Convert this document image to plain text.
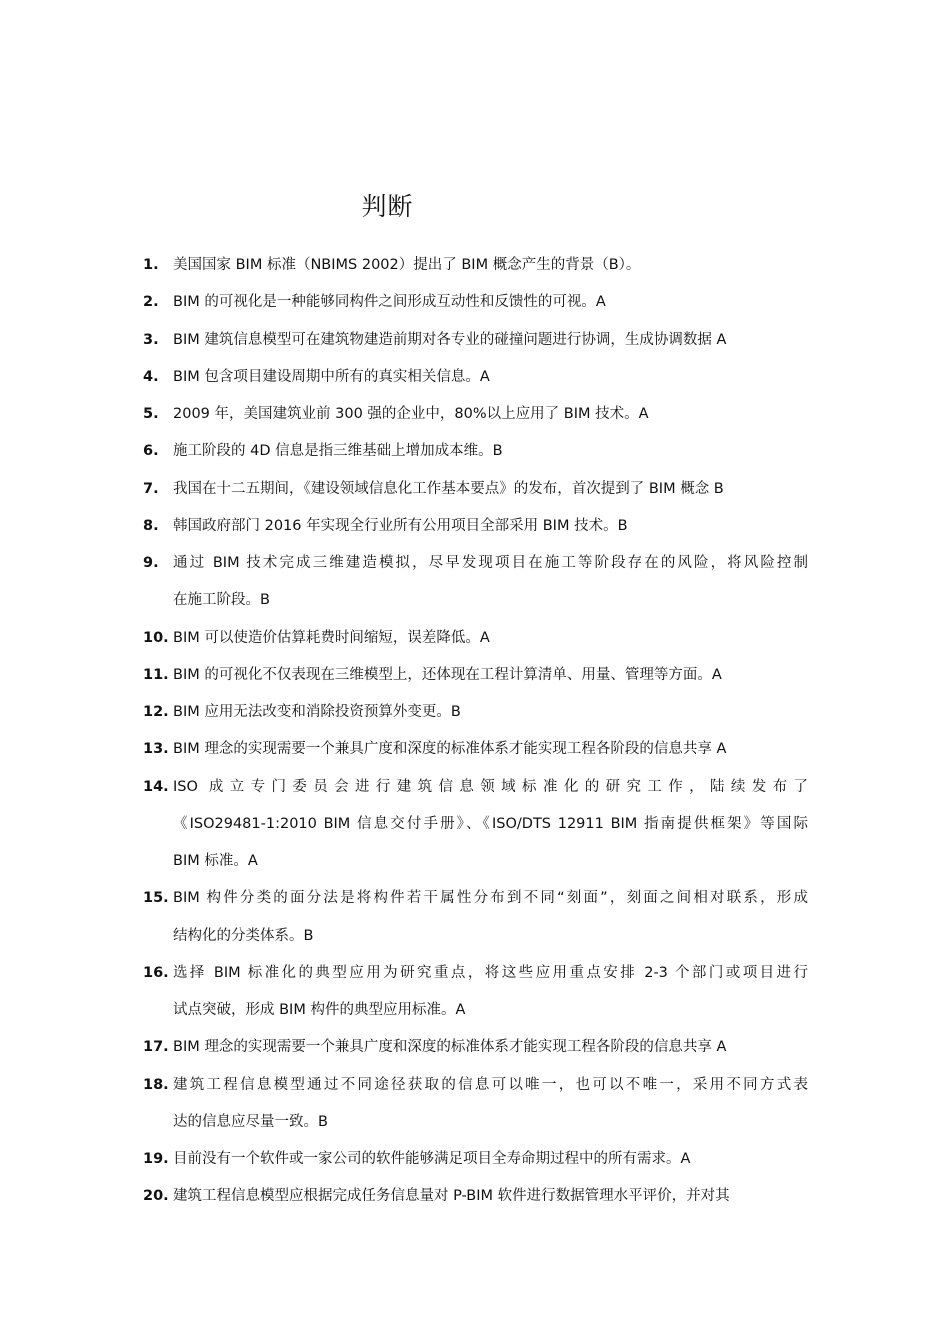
判断
1. 美国国家 BIM 标准（NBIMS 2002）提出了 BIM 概念产生的背景（B）。
2. BIM 的可视化是一种能够同构件之间形成互动性和反馈性的可视。A
3. BIM 建筑信息模型可在建筑物建造前期对各专业的碰撞问题进行协调，生成协调数据 A
4. BIM 包含项目建设周期中所有的真实相关信息。A
5. 2009 年，美国建筑业前 300 强的企业中，80%以上应用了 BIM 技术。A
6. 施工阶段的 4D 信息是指三维基础上增加成本维。B
7. 我国在十二五期间，《建设领域信息化工作基本要点》的发布，首次提到了 BIM 概念 B
8. 韩国政府部门 2016 年实现全行业所有公用项目全部采用 BIM 技术。B
9. 通过 BIM 技术完成三维建造模拟，尽早发现项目在施工等阶段存在的风险，将风险控制
在施工阶段。B
10. BIM 可以使造价估算耗费时间缩短，误差降低。A
11. BIM 的可视化不仅表现在三维模型上，还体现在工程计算清单、用量、管理等方面。A
12. BIM 应用无法改变和消除投资预算外变更。B
13. BIM 理念的实现需要一个兼具广度和深度的标准体系才能实现工程各阶段的信息共享 A
14. ISO 成立专门委员会进行建筑信息领域标准化的研究工作，陆续发布了
《ISO29481-1:2010 BIM 信息交付手册》、《ISO/DTS 12911 BIM 指南提供框架》等国际
BIM 标准。A
15. BIM 构件分类的面分法是将构件若干属性分布到不同“刻面”，刻面之间相对联系，形成
结构化的分类体系。B
16. 选择 BIM 标准化的典型应用为研究重点，将这些应用重点安排 2-3 个部门或项目进行
试点突破，形成 BIM 构件的典型应用标准。A
17. BIM 理念的实现需要一个兼具广度和深度的标准体系才能实现工程各阶段的信息共享 A
18. 建筑工程信息模型通过不同途径获取的信息可以唯一，也可以不唯一，采用不同方式表
达的信息应尽量一致。B
19. 目前没有一个软件或一家公司的软件能够满足项目全寿命期过程中的所有需求。A
20. 建筑工程信息模型应根据完成任务信息量对 P-BIM 软件进行数据管理水平评价，并对其
